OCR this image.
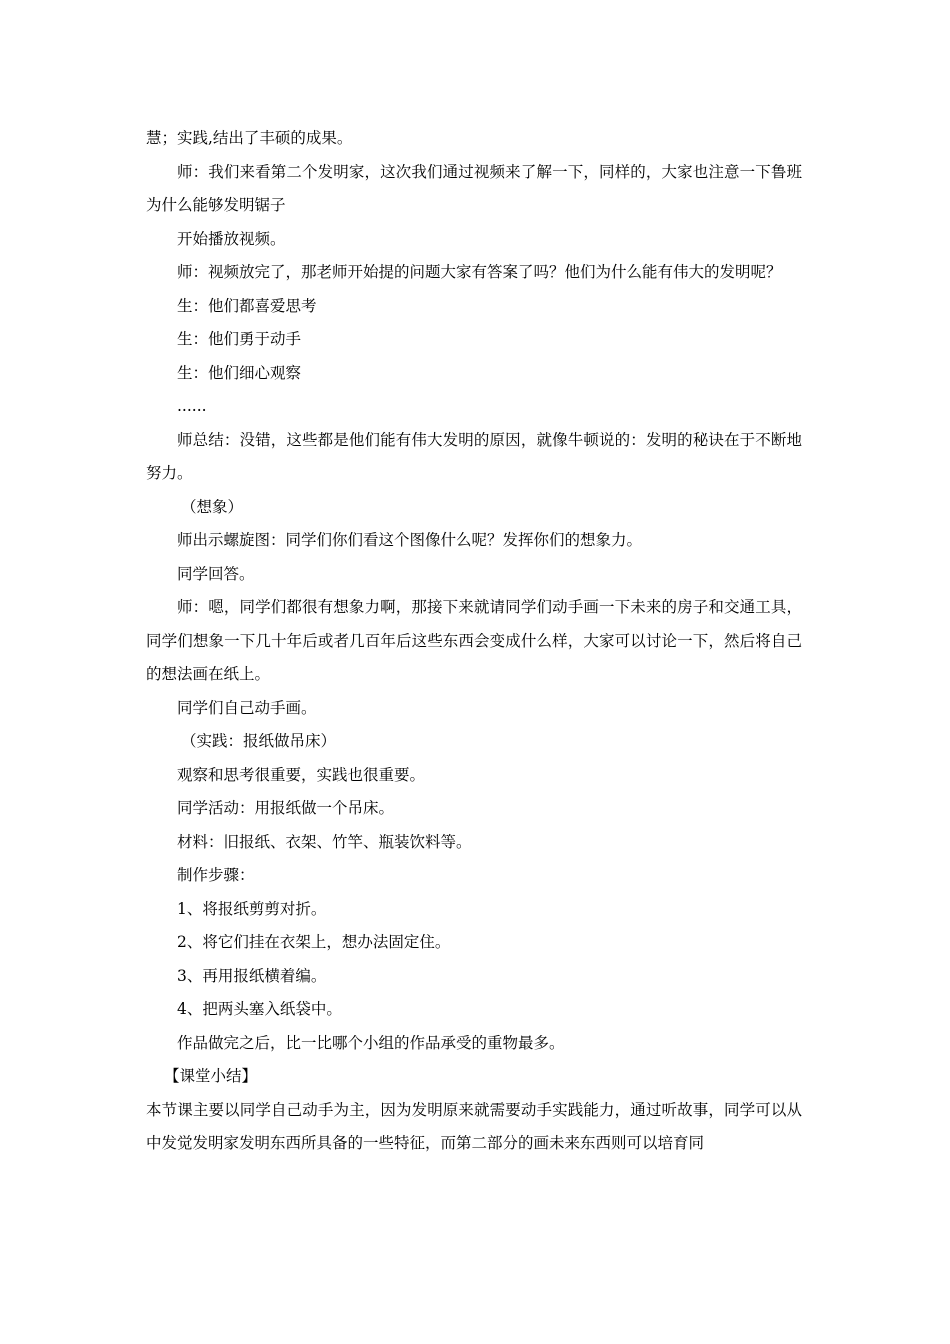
慧；实践,结出了丰硕的成果。

师：我们来看第二个发明家，这次我们通过视频来了解一下，同样的，大家也注意一下鲁班为什么能够发明锯子

开始播放视频。

师：视频放完了，那老师开始提的问题大家有答案了吗？他们为什么能有伟大的发明呢？

生：他们都喜爱思考

生：他们勇于动手

生：他们细心观察

......

师总结：没错，这些都是他们能有伟大发明的原因，就像牛顿说的：发明的秘诀在于不断地努力。

（想象）

师出示螺旋图：同学们你们看这个图像什么呢？发挥你们的想象力。

同学回答。

师：嗯，同学们都很有想象力啊，那接下来就请同学们动手画一下未来的房子和交通工具，同学们想象一下几十年后或者几百年后这些东西会变成什么样，大家可以讨论一下，然后将自己的想法画在纸上。

同学们自己动手画。

（实践：报纸做吊床）

观察和思考很重要，实践也很重要。

同学活动：用报纸做一个吊床。

材料：旧报纸、衣架、竹竿、瓶装饮料等。

制作步骤：

1、将报纸剪剪对折。

2、将它们挂在衣架上，想办法固定住。

3、再用报纸横着编。

4、把两头塞入纸袋中。

作品做完之后，比一比哪个小组的作品承受的重物最多。

【课堂小结】

本节课主要以同学自己动手为主，因为发明原来就需要动手实践能力，通过听故事，同学可以从中发觉发明家发明东西所具备的一些特征，而第二部分的画未来东西则可以培育同
